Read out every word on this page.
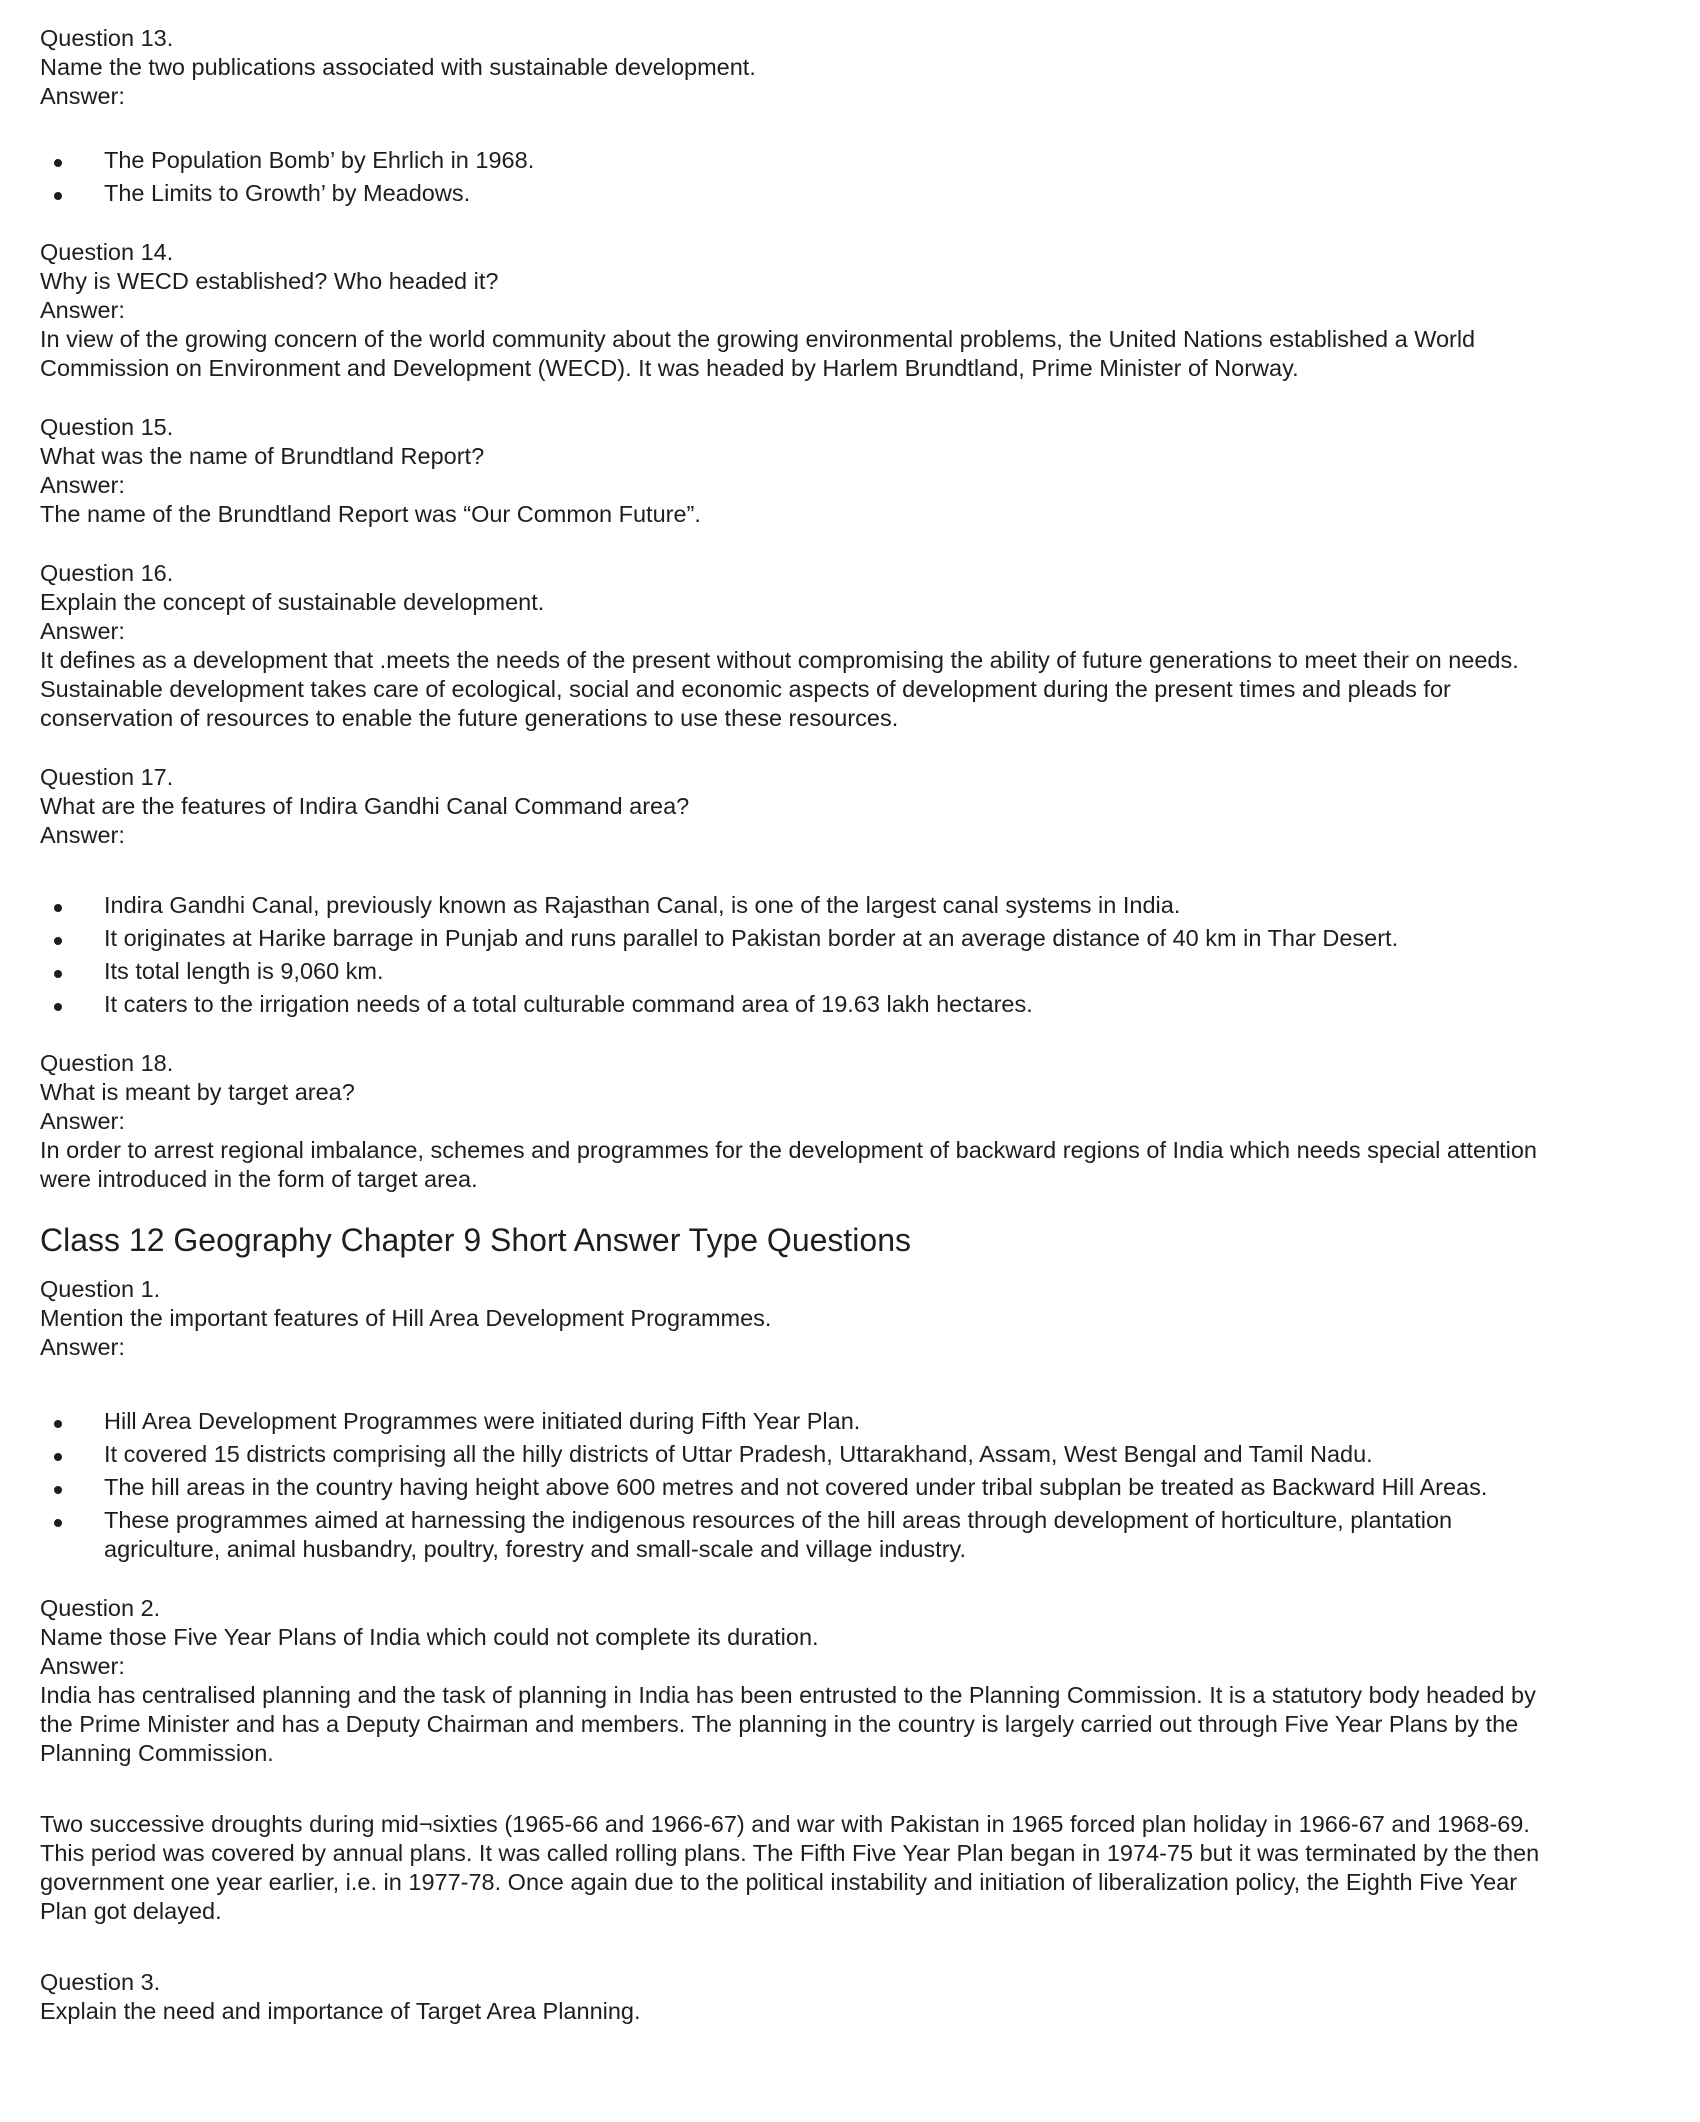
Question 13.
Name the two publications associated with sustainable development.
Answer:
The Population Bomb’ by Ehrlich in 1968.
The Limits to Growth’ by Meadows.
Question 14.
Why is WECD established? Who headed it?
Answer:
In view of the growing concern of the world community about the growing environmental problems, the United Nations established a World
Commission on Environment and Development (WECD). It was headed by Harlem Brundtland, Prime Minister of Norway.
Question 15.
What was the name of Brundtland Report?
Answer:
The name of the Brundtland Report was “Our Common Future”.
Question 16.
Explain the concept of sustainable development.
Answer:
It defines as a development that .meets the needs of the present without compromising the ability of future generations to meet their on needs.
Sustainable development takes care of ecological, social and economic aspects of development during the present times and pleads for
conservation of resources to enable the future generations to use these resources.
Question 17.
What are the features of Indira Gandhi Canal Command area?
Answer:
Indira Gandhi Canal, previously known as Rajasthan Canal, is one of the largest canal systems in India.
It originates at Harike barrage in Punjab and runs parallel to Pakistan border at an average distance of 40 km in Thar Desert.
Its total length is 9,060 km.
It caters to the irrigation needs of a total culturable command area of 19.63 lakh hectares.
Question 18.
What is meant by target area?
Answer:
In order to arrest regional imbalance, schemes and programmes for the development of backward regions of India which needs special attention
were introduced in the form of target area.
Class 12 Geography Chapter 9 Short Answer Type Questions
Question 1.
Mention the important features of Hill Area Development Programmes.
Answer:
Hill Area Development Programmes were initiated during Fifth Year Plan.
It covered 15 districts comprising all the hilly districts of Uttar Pradesh, Uttarakhand, Assam, West Bengal and Tamil Nadu.
The hill areas in the country having height above 600 metres and not covered under tribal subplan be treated as Backward Hill Areas.
These programmes aimed at harnessing the indigenous resources of the hill areas through development of horticulture, plantation
agriculture, animal husbandry, poultry, forestry and small-scale and village industry.
Question 2.
Name those Five Year Plans of India which could not complete its duration.
Answer:

India has centralised planning and the task of planning in India has been entrusted to the Planning Commission. It is a statutory body headed by
the Prime Minister and has a Deputy Chairman and members. The planning in the country is largely carried out through Five Year Plans by the
Planning Commission.

Two successive droughts during mid¬sixties (1965-66 and 1966-67) and war with Pakistan in 1965 forced plan holiday in 1966-67 and 1968-69.
This period was covered by annual plans. It was called rolling plans. The Fifth Five Year Plan began in 1974-75 but it was terminated by the then
government one year earlier, i.e. in 1977-78. Once again due to the political instability and initiation of liberalization policy, the Eighth Five Year
Plan got delayed.

Question 3.
Explain the need and importance of Target Area Planning.
